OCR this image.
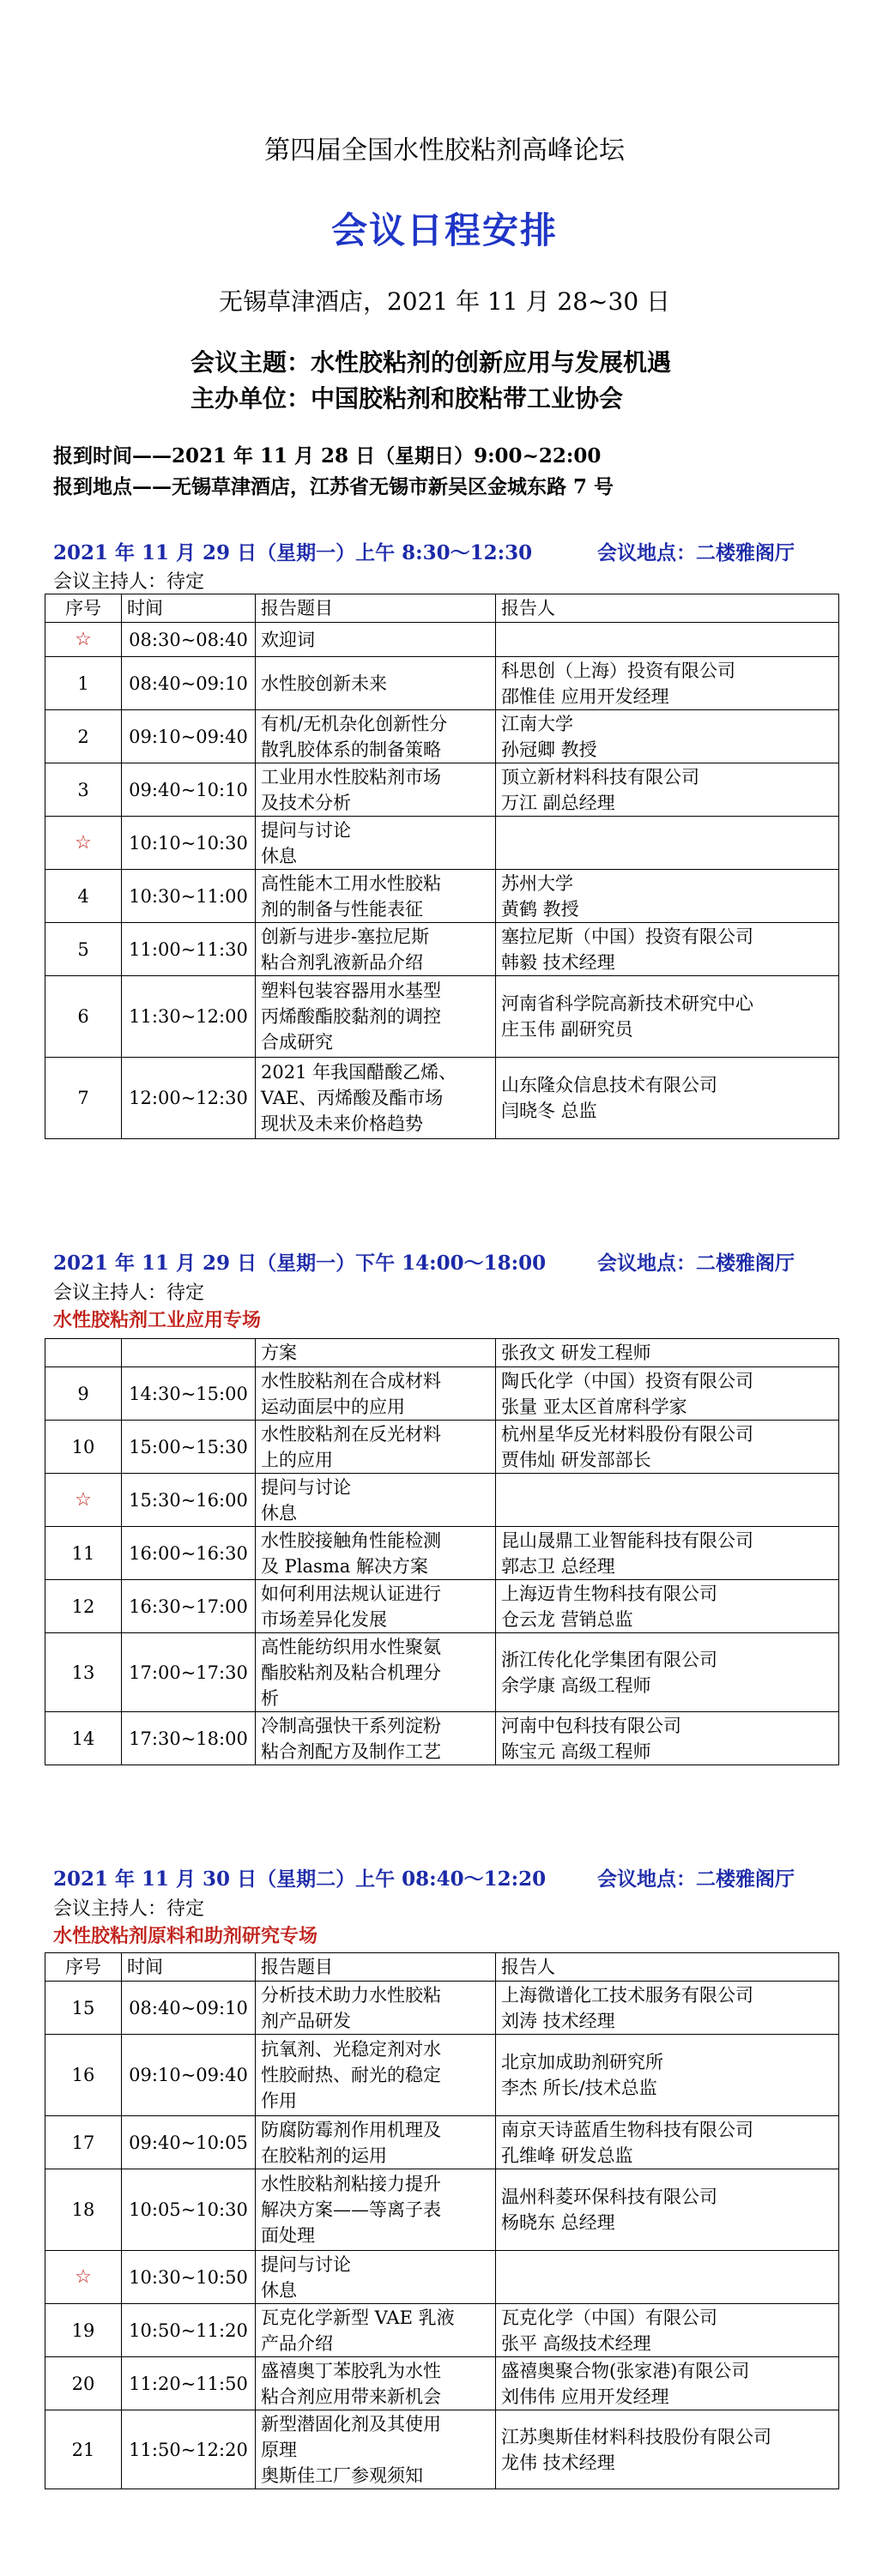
第四届全国水性胶粘剂高峰论坛
会议日程安排
无锡草津酒店，2021 年 11 月 28~30 日
会议主题：水性胶粘剂的创新应用与发展机遇
主办单位：中国胶粘剂和胶粘带工业协会
报到时间——2021 年 11 月 28 日（星期日）9:00~22:00
报到地点——无锡草津酒店，江苏省无锡市新吴区金城东路 7 号
2021 年 11 月 29 日（星期一）上午 8:30～12:30	会议地点：二楼雅阁厅
会议主持人：待定
序号	时间	报告题目	报告人
☆	08:30~08:40	欢迎词	

1	08:40~09:10	水性胶创新未来	科思创（上海）投资有限公司
邵惟佳 应用开发经理

2	09:10~09:40	有机/无机杂化创新性分
散乳胶体系的制备策略	江南大学
孙冠卿 教授

3	09:40~10:10	工业用水性胶粘剂市场
及技术分析	顶立新材料科技有限公司
万江 副总经理

☆	10:10~10:30	提问与讨论
休息	

4	10:30~11:00	高性能木工用水性胶粘
剂的制备与性能表征	苏州大学
黄鹤 教授

5	11:00~11:30	创新与进步-塞拉尼斯
粘合剂乳液新品介绍	塞拉尼斯（中国）投资有限公司
韩毅 技术经理

6	11:30~12:00	塑料包装容器用水基型
丙烯酸酯胶黏剂的调控
合成研究	河南省科学院高新技术研究中心
庄玉伟 副研究员

7	12:00~12:30	2021 年我国醋酸乙烯、
VAE、丙烯酸及酯市场
现状及未来价格趋势	山东隆众信息技术有限公司
闫晓冬 总监
2021 年 11 月 29 日（星期一）下午 14:00～18:00	会议地点：二楼雅阁厅
会议主持人：待定
水性胶粘剂工业应用专场

		方案	张孜文 研发工程师

9	14:30~15:00	水性胶粘剂在合成材料
运动面层中的应用	陶氏化学（中国）投资有限公司
张量 亚太区首席科学家

10	15:00~15:30	水性胶粘剂在反光材料
上的应用	杭州星华反光材料股份有限公司
贾伟灿 研发部部长

☆	15:30~16:00	提问与讨论
休息	

11	16:00~16:30	水性胶接触角性能检测
及 Plasma 解决方案	昆山晟鼎工业智能科技有限公司
郭志卫 总经理

12	16:30~17:00	如何利用法规认证进行
市场差异化发展	上海迈肯生物科技有限公司
仓云龙 营销总监

13	17:00~17:30	高性能纺织用水性聚氨
酯胶粘剂及粘合机理分
析	浙江传化化学集团有限公司
余学康 高级工程师

14	17:30~18:00	冷制高强快干系列淀粉
粘合剂配方及制作工艺	河南中包科技有限公司
陈宝元 高级工程师
2021 年 11 月 30 日（星期二）上午 08:40～12:20	会议地点：二楼雅阁厅
会议主持人：待定
水性胶粘剂原料和助剂研究专场
序号	时间	报告题目	报告人
15	08:40~09:10	分析技术助力水性胶粘
剂产品研发	上海微谱化工技术服务有限公司
刘涛 技术经理

16	09:10~09:40	抗氧剂、光稳定剂对水
性胶耐热、耐光的稳定
作用	北京加成助剂研究所
李杰 所长/技术总监

17	09:40~10:05	防腐防霉剂作用机理及
在胶粘剂的运用	南京天诗蓝盾生物科技有限公司
孔维峰 研发总监

18	10:05~10:30	水性胶粘剂粘接力提升
解决方案——等离子表
面处理	温州科菱环保科技有限公司
杨晓东 总经理

☆	10:30~10:50	提问与讨论
休息	

19	10:50~11:20	瓦克化学新型 VAE 乳液
产品介绍	瓦克化学（中国）有限公司
张平 高级技术经理

20	11:20~11:50	盛禧奥丁苯胶乳为水性
粘合剂应用带来新机会	盛禧奥聚合物(张家港)有限公司
刘伟伟 应用开发经理

21	11:50~12:20	新型潜固化剂及其使用
原理
奥斯佳工厂参观须知	江苏奥斯佳材料科技股份有限公司
龙伟 技术经理
